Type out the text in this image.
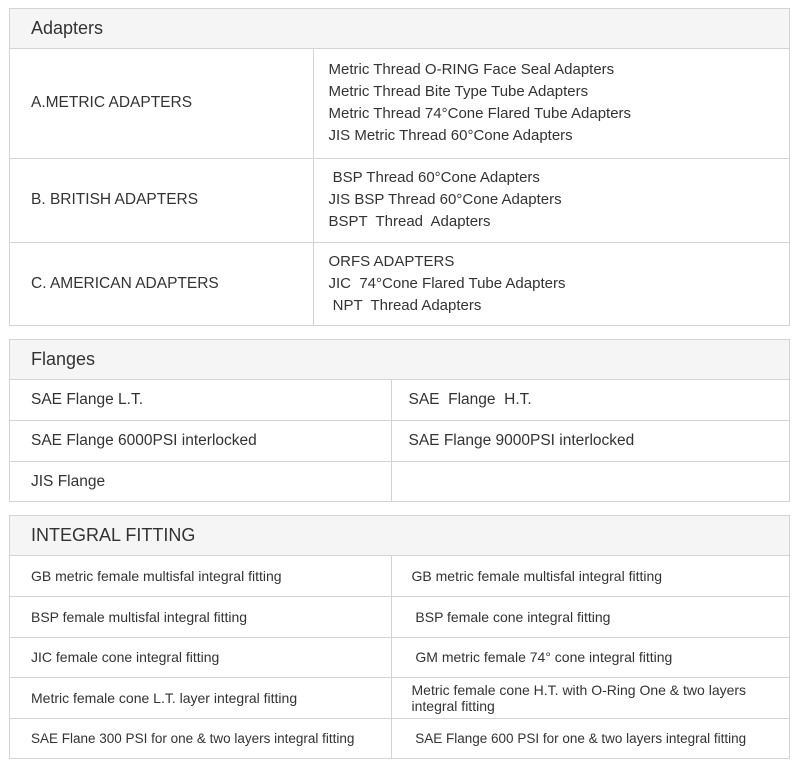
Adapters
A.METRIC ADAPTERS	Metric Thread O-RING Face Seal Adapters
Metric Thread Bite Type Tube Adapters
Metric Thread 74°Cone Flared Tube Adapters
JIS Metric Thread 60°Cone Adapters

B. BRITISH ADAPTERS	BSP Thread 60°Cone Adapters
JIS BSP Thread 60°Cone Adapters
BSPT  Thread  Adapters

C. AMERICAN ADAPTERS	ORFS ADAPTERS
JIC  74°Cone Flared Tube Adapters
NPT  Thread Adapters
Flanges
SAE Flange L.T.	SAE  Flange  H.T.
SAE Flange 6000PSI interlocked	SAE Flange 9000PSI interlocked
JIS Flange	
INTEGRAL FITTING
GB metric female multisfal integral fitting	GB metric female multisfal integral fitting
BSP female multisfal integral fitting	BSP female cone integral fitting
JIC female cone integral fitting	GM metric female 74° cone integral fitting
Metric female cone L.T. layer integral fitting	Metric female cone H.T. with O-Ring One & two layers integral fitting
SAE Flane 300 PSI for one & two layers integral fitting	SAE Flange 600 PSI for one & two layers integral fitting
